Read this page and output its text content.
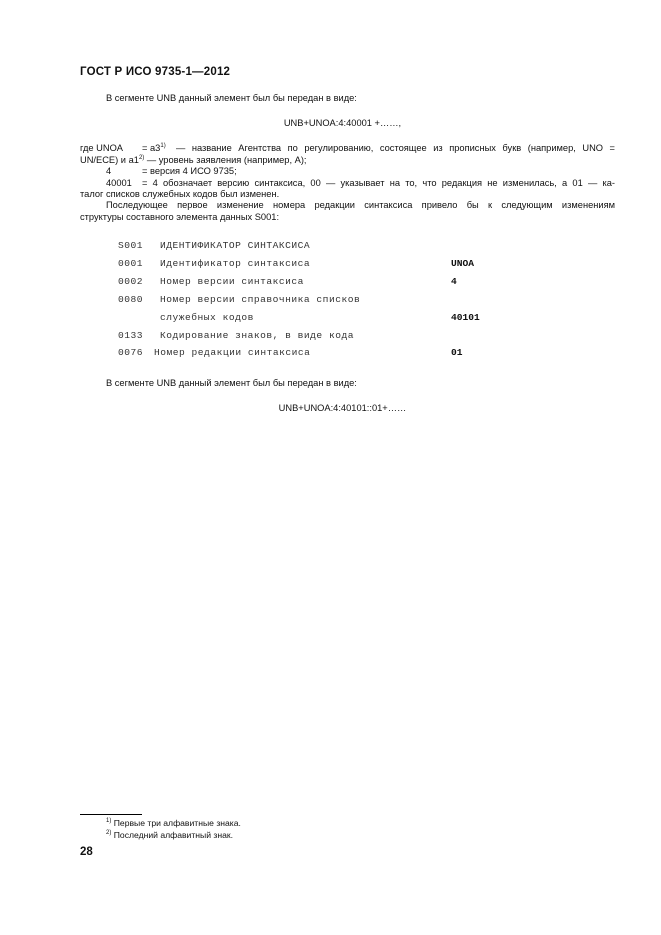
ГОСТ Р ИСО 9735-1—2012
В сегменте UNB данный элемент был бы передан в виде:
UNB+UNOA:4:40001 +……,
где UNOA = $a3^{1)}$ — название Агентства по регулированию, состоящее из прописных букв (например, UNO =
UN/ECE) и a1$^{2)}$ — уровень заявления (например, А);
4	= версия 4 ИСО 9735;
40001 = 4 обозначает версию синтаксиса, 00 — указывает на то, что редакция не изменилась, а 01 — ка-
талог списков служебных кодов был изменен.
Последующее первое изменение номера редакции синтаксиса привело бы к следующим изменениям
структуры составного элемента данных S001:
S001 ИДЕНТИФИКАТОР СИНТАКСИСА
0001 Идентификатор синтаксиса	UNOA
0002 Номер версии синтаксиса	4
0080 Номер версии справочника списков
служебных кодов	40101
0133 Кодирование знаков, в виде кода
0076 Номер редакции синтаксиса	01
В сегменте UNB данный элемент был бы передан в виде:
UNB+UNOA:4:40101::01+……
$^{1)}$ Первые три алфавитные знака.
$^{2)}$ Последний алфавитный знак.
28
